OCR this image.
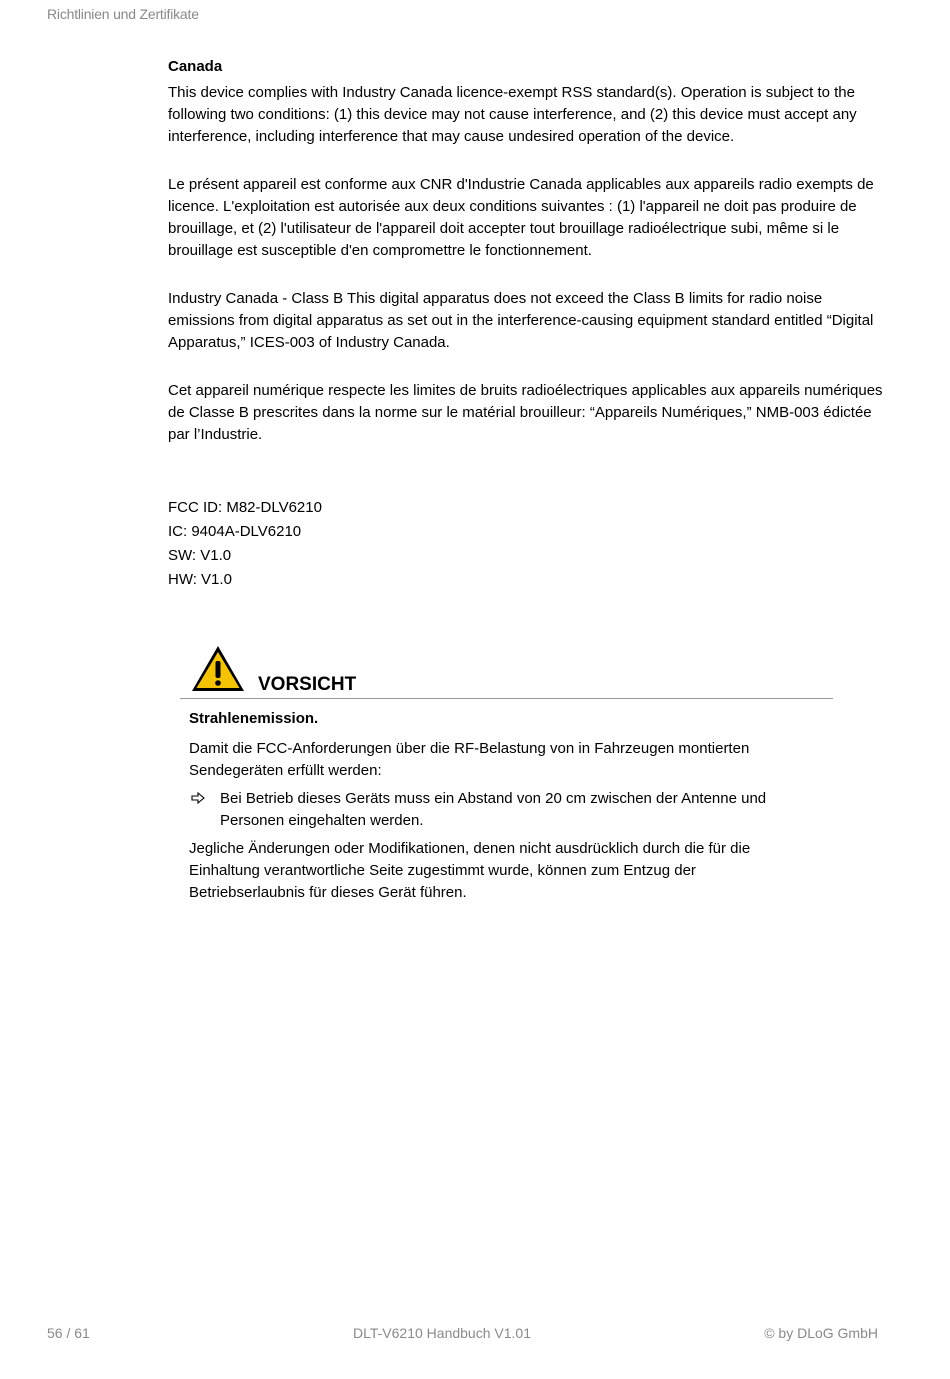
Richtlinien und Zertifikate
Canada

This device complies with Industry Canada licence-exempt RSS standard(s). Operation is subject to the following two conditions: (1) this device may not cause interference, and (2) this device must accept any interference, including interference that may cause undesired operation of the device.

Le présent appareil est conforme aux CNR d'Industrie Canada applicables aux appareils radio exempts de licence. L'exploitation est autorisée aux deux conditions suivantes : (1) l'appareil ne doit pas produire de brouillage, et (2) l'utilisateur de l'appareil doit accepter tout brouillage radioélectrique subi, même si le brouillage est susceptible d'en compromettre le fonctionnement.

Industry Canada - Class B This digital apparatus does not exceed the Class B limits for radio noise emissions from digital apparatus as set out in the interference-causing equipment standard entitled “Digital Apparatus,” ICES-003 of Industry Canada.

Cet appareil numérique respecte les limites de bruits radioélectriques applicables aux appareils numériques de Classe B prescrites dans la norme sur le matérial brouilleur: “Appareils Numériques,” NMB-003 édictée par l’Industrie.

FCC ID: M82-DLV6210
IC: 9404A-DLV6210
SW: V1.0
HW: V1.0
VORSICHT
Strahlenemission.

Damit die FCC-Anforderungen über die RF-Belastung von in Fahrzeugen montierten Sendegeräten erfüllt werden:

Bei Betrieb dieses Geräts muss ein Abstand von 20 cm zwischen der Antenne und Personen eingehalten werden.

Jegliche Änderungen oder Modifikationen, denen nicht ausdrücklich durch die für die Einhaltung verantwortliche Seite zugestimmt wurde, können zum Entzug der Betriebserlaubnis für dieses Gerät führen.

56 / 61	DLT-V6210 Handbuch V1.01	© by DLoG GmbH
